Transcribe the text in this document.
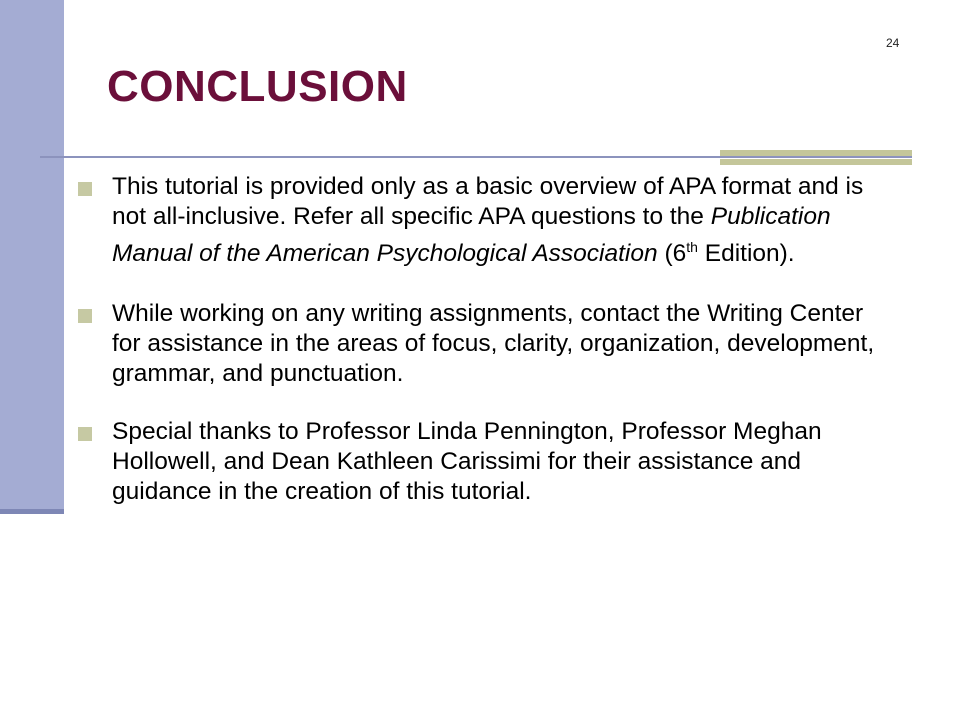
24
CONCLUSION
This tutorial is provided only as a basic overview of APA format and is not all-inclusive. Refer all specific APA questions to the Publication Manual of the American Psychological Association (6th Edition).
While working on any writing assignments, contact the Writing Center for assistance in the areas of focus, clarity, organization, development, grammar, and punctuation.
Special thanks to Professor Linda Pennington, Professor Meghan Hollowell, and Dean Kathleen Carissimi for their assistance and guidance in the creation of this tutorial.
